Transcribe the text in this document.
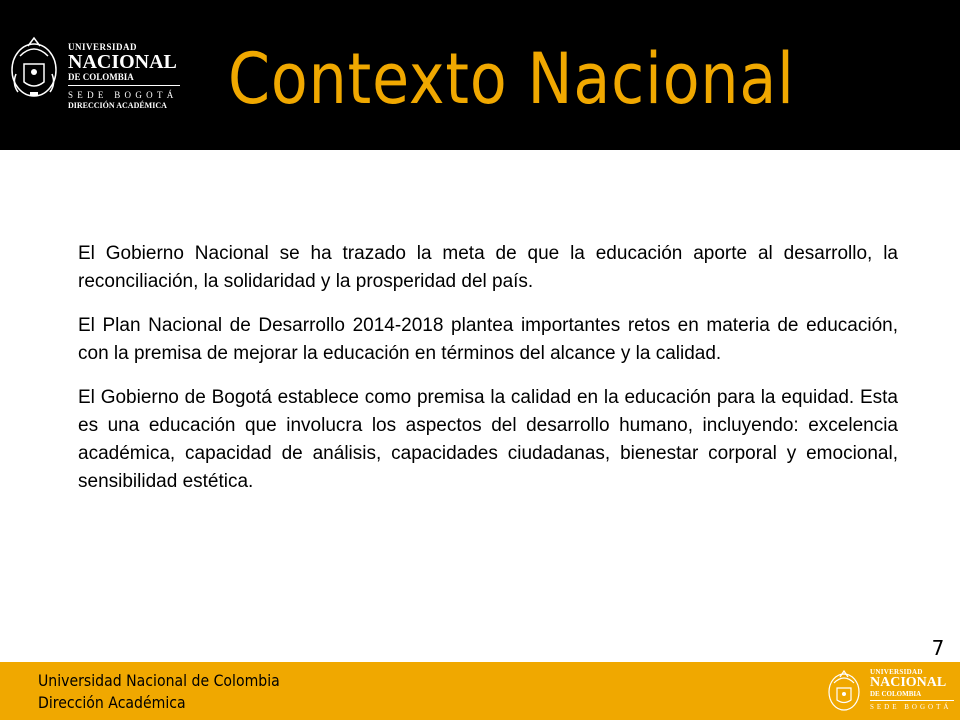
UNIVERSIDAD
NACIONAL
DE COLOMBIA
SEDE BOGOTÁ
DIRECCIÓN ACADÉMICA Contexto Nacional

El Gobierno Nacional se ha trazado la meta de que la educación aporte al desarrollo, la reconciliación, la solidaridad y la prosperidad del país.

El Plan Nacional de Desarrollo 2014-2018 plantea importantes retos en materia de educación, con la premisa de mejorar la educación en términos del alcance y la calidad.

El Gobierno de Bogotá establece como premisa la calidad en la educación para la equidad. Esta es una educación que involucra los aspectos del desarrollo humano, incluyendo: excelencia académica, capacidad de análisis, capacidades ciudadanas, bienestar corporal y emocional, sensibilidad estética.

7
Universidad Nacional de Colombia
Dirección Académica
UNIVERSIDAD
NACIONAL
DE COLOMBIA
SEDE BOGOTÁ
